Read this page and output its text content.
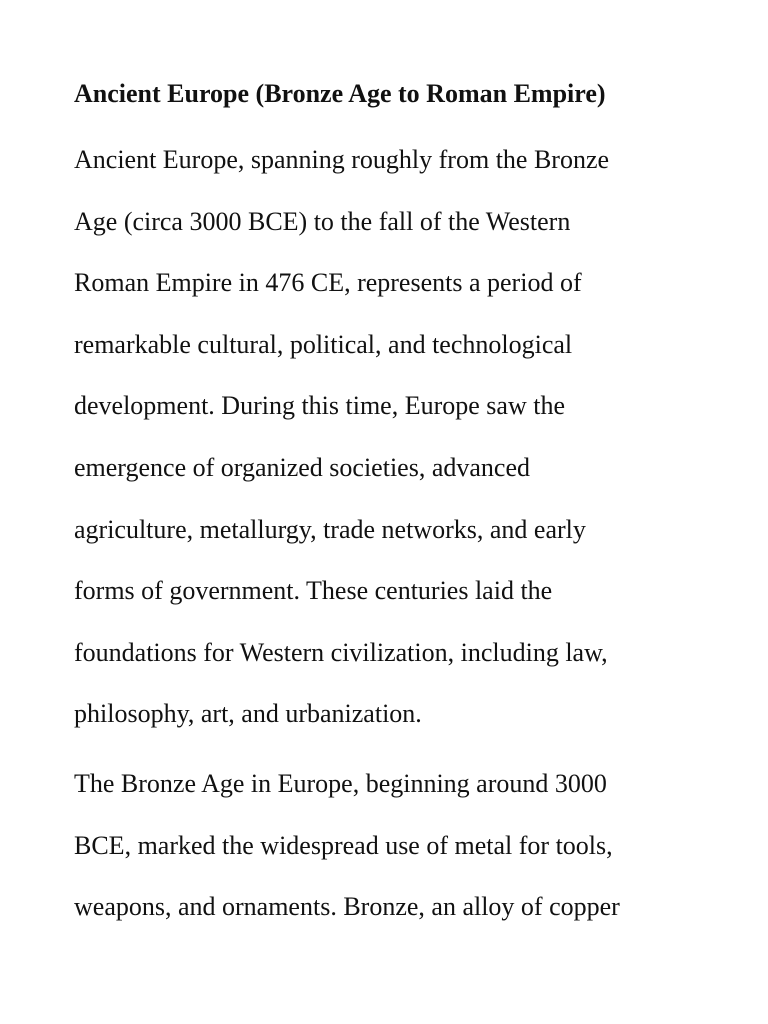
Ancient Europe (Bronze Age to Roman Empire)

Ancient Europe, spanning roughly from the Bronze
Age (circa 3000 BCE) to the fall of the Western
Roman Empire in 476 CE, represents a period of
remarkable cultural, political, and technological
development. During this time, Europe saw the
emergence of organized societies, advanced
agriculture, metallurgy, trade networks, and early
forms of government. These centuries laid the
foundations for Western civilization, including law,
philosophy, art, and urbanization.

The Bronze Age in Europe, beginning around 3000
BCE, marked the widespread use of metal for tools,
weapons, and ornaments. Bronze, an alloy of copper
